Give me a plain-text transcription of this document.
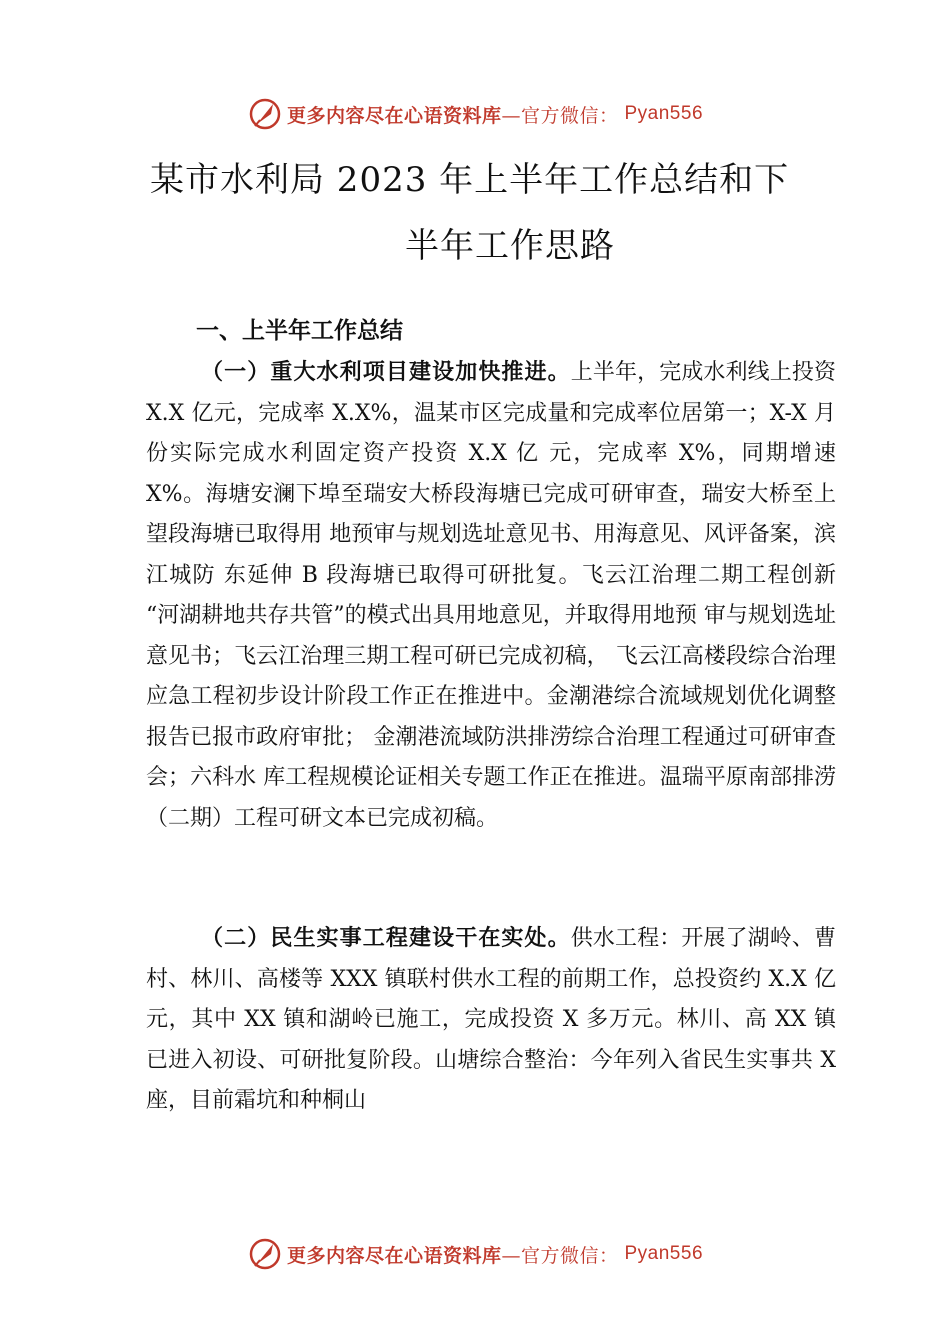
更多内容尽在心语资料库 —官方微信： Pyan556
某市水利局 2023 年上半年工作总结和下
半年工作思路
一、上半年工作总结
（一）重大水利项目建设加快推进。上半年，完成水利线上投资 X.X 亿元，完成率 X.X%，温某市区完成量和完成率位居第一；X-X 月份实际完成水利固定资产投资 X.X 亿 元，完成率 X%，同期增速 X%。海塘安澜下埠至瑞安大桥段海塘已完成可研审查，瑞安大桥至上望段海塘已取得用 地预审与规划选址意见书、用海意见、风评备案，滨江城防 东延伸 B 段海塘已取得可研批复。飞云江治理二期工程创新 “河湖耕地共存共管”的模式出具用地意见，并取得用地预 审与规划选址意见书；飞云江治理三期工程可研已完成初稿， 飞云江高楼段综合治理应急工程初步设计阶段工作正在推进中。金潮港综合流域规划优化调整报告已报市政府审批； 金潮港流域防洪排涝综合治理工程通过可研审查会；六科水 库工程规模论证相关专题工作正在推进。温瑞平原南部排涝（二期）工程可研文本已完成初稿。
（二）民生实事工程建设干在实处。供水工程：开展了湖岭、曹村、林川、高楼等 XXX 镇联村供水工程的前期工作，总投资约 X.X 亿元，其中 XX 镇和湖岭已施工，完成投资 X 多万元。林川、高 XX 镇已进入初设、可研批复阶段。山塘综合整治：今年列入省民生实事共 X 座，目前霜坑和种桐山
更多内容尽在心语资料库 —官方微信： Pyan556
